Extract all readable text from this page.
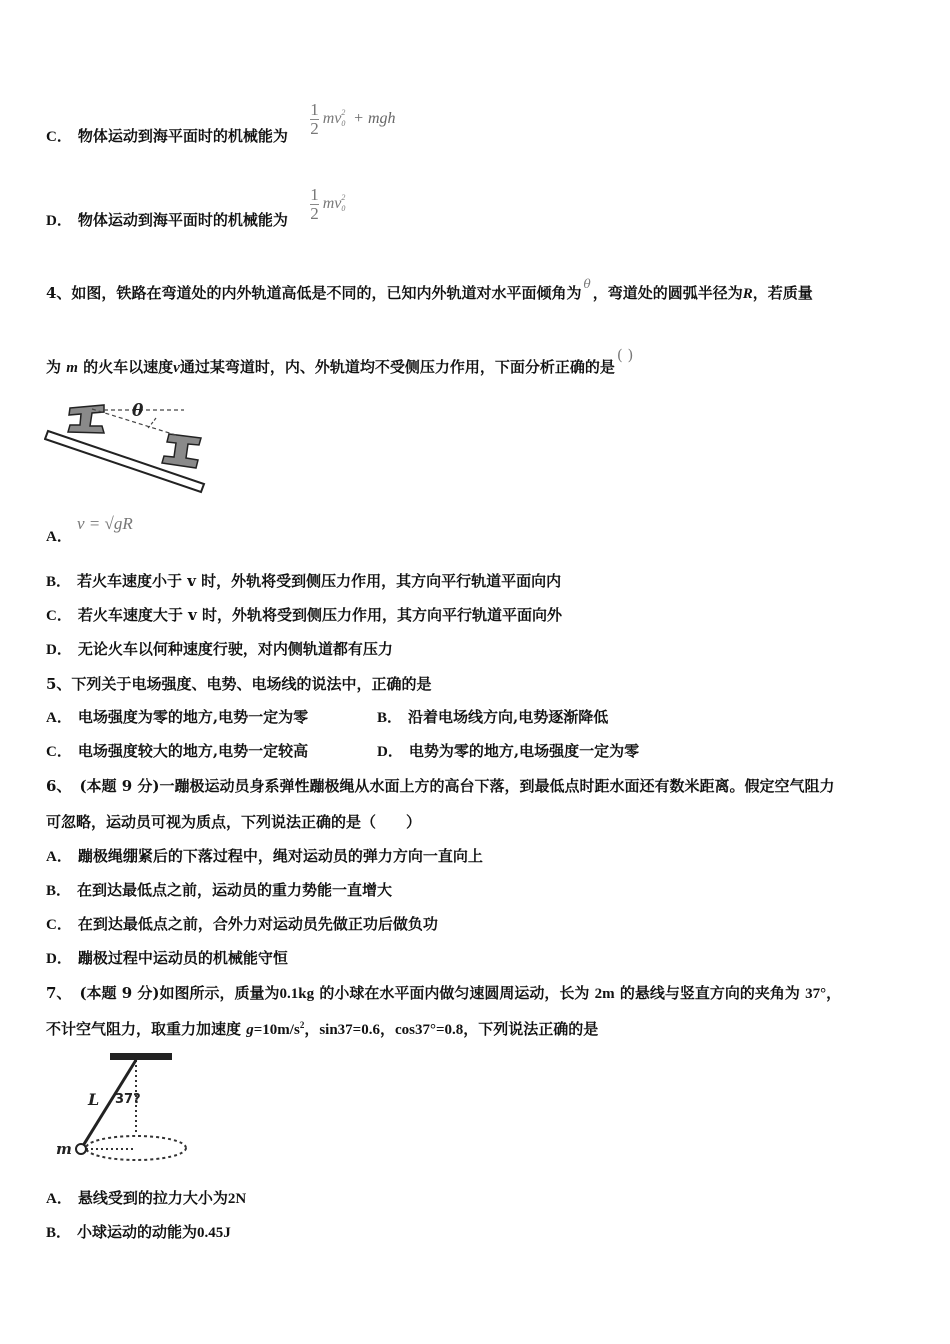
C． 物体运动到海平面时的机械能为 $\frac{1}{2} mv^2_0$ + mgh
D． 物体运动到海平面时的机械能为 $\frac{1}{2} mv^2_0$
4、如图，铁路在弯道处的内外轨道高低是不同的，已知内外轨道对水平面倾角为 $^\theta$ ，弯道处的圆弧半径为R，若质量
为 m 的火车以速度v通过某弯道时，内、外轨道均不受侧压力作用，下面分析正确的是( )
θ
A．
v = √gR
B． 若火车速度小于 v 时，外轨将受到侧压力作用，其方向平行轨道平面向内
C． 若火车速度大于 v 时，外轨将受到侧压力作用，其方向平行轨道平面向外
D． 无论火车以何种速度行驶，对内侧轨道都有压力
5、下列关于电场强度、电势、电场线的说法中，正确的是
A． 电场强度为零的地方,电势一定为零	B． 沿着电场线方向,电势逐渐降低
C． 电场强度较大的地方,电势一定较高	D． 电势为零的地方,电场强度一定为零
6、 (本题 9 分)一蹦极运动员身系弹性蹦极绳从水面上方的高台下落，到最低点时距水面还有数米距离。假定空气阻力
可忽略，运动员可视为质点，下列说法正确的是（　　）
A． 蹦极绳绷紧后的下落过程中，绳对运动员的弹力方向一直向上
B． 在到达最低点之前，运动员的重力势能一直增大
C． 在到达最低点之前，合外力对运动员先做正功后做负功
D． 蹦极过程中运动员的机械能守恒
7、 (本题 9 分)如图所示，质量为0.1kg 的小球在水平面内做匀速圆周运动，长为 2m 的悬线与竖直方向的夹角为 37°，
不计空气阻力，取重力加速度 $g=10m/s^2$，sin37=0.6，cos37°=0.8，下列说法正确的是
L 37?
m
A． 悬线受到的拉力大小为2N
B． 小球运动的动能为0.45J
